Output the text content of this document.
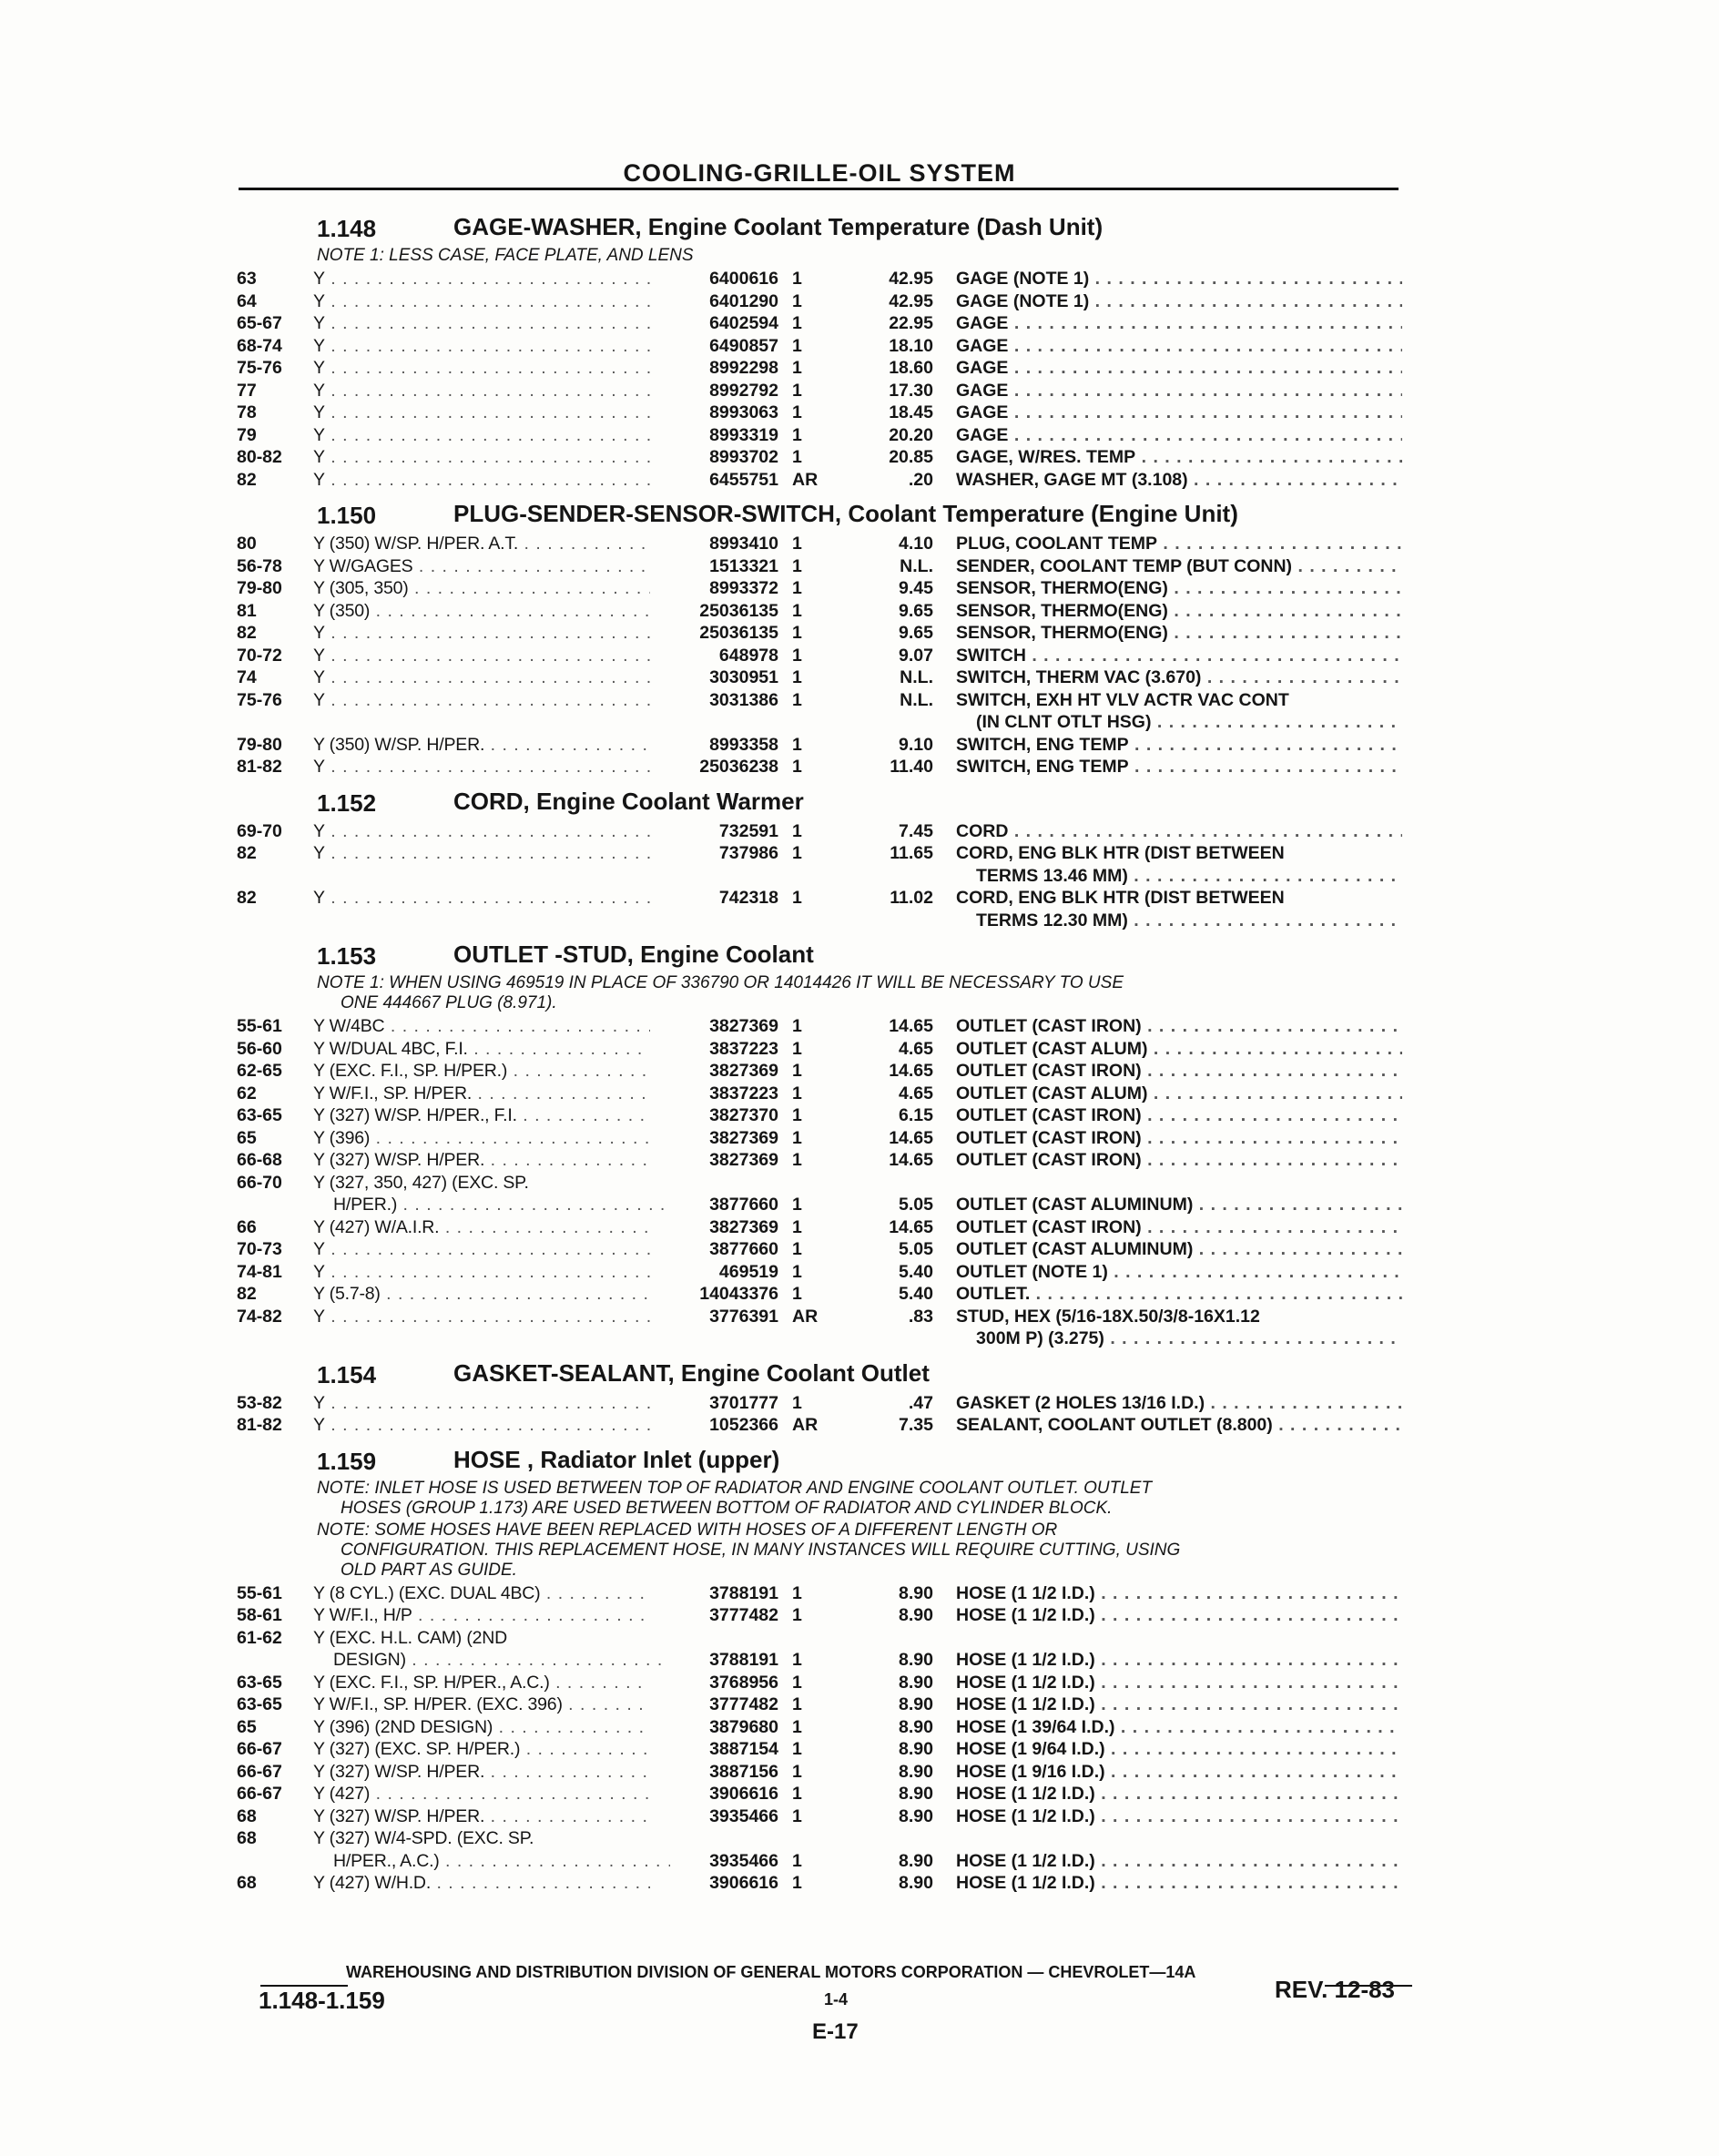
COOLING-GRILLE-OIL SYSTEM
1.148	GAGE-WASHER, Engine Coolant Temperature (Dash Unit)
NOTE 1: LESS CASE, FACE PLATE, AND LENS
63	Y . . .	6400616 1	42.95 GAGE (NOTE 1) . . .
64	Y . . .	6401290 1	42.95 GAGE (NOTE 1) . . .
65-67 Y . . .	6402594 1	22.95 GAGE . . .
68-74 Y . . .	6490857 1	18.10 GAGE . . .
75-76 Y . . .	8992298 1	18.60 GAGE . . .
77	Y . . .	8992792 1	17.30 GAGE . . .
78	Y . . .	8993063 1	18.45 GAGE . . .
79	Y . . .	8993319 1	20.20 GAGE . . .
80-82 Y . . .	8993702 1	20.85 GAGE, W/RES. TEMP . . .
82	Y . . .	6455751 AR	.20 WASHER, GAGE MT (3.108) . . .
1.150	PLUG-SENDER-SENSOR-SWITCH, Coolant Temperature (Engine Unit)
80	Y (350) W/SP. H/PER. A.T. . . .	8993410 1	4.10 PLUG, COOLANT TEMP . . .
56-78 Y W/GAGES . . .	1513321 1	N.L. SENDER, COOLANT TEMP (BUT CONN) . . .
79-80 Y (305, 350) . . .	8993372 1	9.45 SENSOR, THERMO(ENG) . . .
81	Y (350) . . .	25036135 1	9.65 SENSOR, THERMO(ENG) . . .
82	Y . . .	25036135 1	9.65 SENSOR, THERMO(ENG) . . .
70-72 Y . . .	648978 1	9.07 SWITCH . . .
74	Y . . .	3030951 1	N.L. SWITCH, THERM VAC (3.670) . . .
75-76 Y . . .	3031386 1	N.L. SWITCH, EXH HT VLV ACTR VAC CONT
(IN CLNT OTLT HSG) . . .
79-80 Y (350) W/SP. H/PER. . . .	8993358 1	9.10 SWITCH, ENG TEMP . . .
81-82 Y . . .	25036238 1	11.40 SWITCH, ENG TEMP . . .
1.152	CORD, Engine Coolant Warmer
69-70 Y . . .	732591 1	7.45 CORD . . .
82	Y . . .	737986 1	11.65 CORD, ENG BLK HTR (DIST BETWEEN
TERMS 13.46 MM) . . .
82	Y . . .	742318 1	11.02 CORD, ENG BLK HTR (DIST BETWEEN
TERMS 12.30 MM) . . .
1.153	OUTLET -STUD, Engine Coolant
NOTE 1: WHEN USING 469519 IN PLACE OF 336790 OR 14014426 IT WILL BE NECESSARY TO USE
ONE 444667 PLUG (8.971).
55-61 Y W/4BC . . .	3827369 1	14.65 OUTLET (CAST IRON) . . .
56-60 Y W/DUAL 4BC, F.I. . . .	3837223 1	4.65 OUTLET (CAST ALUM) . . .
62-65 Y (EXC. F.I., SP. H/PER.) . . .	3827369 1	14.65 OUTLET (CAST IRON) . . .
62	Y W/F.I., SP. H/PER. . . .	3837223 1	4.65 OUTLET (CAST ALUM) . . .
63-65 Y (327) W/SP. H/PER., F.I. . . .	3827370 1	6.15 OUTLET (CAST IRON) . . .
65	Y (396) . . .	3827369 1	14.65 OUTLET (CAST IRON) . . .
66-68 Y (327) W/SP. H/PER. . . .	3827369 1	14.65 OUTLET (CAST IRON) . . .
66-70 Y (327, 350, 427) (EXC. SP.
H/PER.) . . .	3877660 1	5.05 OUTLET (CAST ALUMINUM) . . .
66	Y (427) W/A.I.R. . . .	3827369 1	14.65 OUTLET (CAST IRON) . . .
70-73 Y . . .	3877660 1	5.05 OUTLET (CAST ALUMINUM) . . .
74-81 Y . . .	469519 1	5.40 OUTLET (NOTE 1) . . .
82	Y (5.7-8) . . .	14043376 1	5.40 OUTLET. . . .
74-82 Y . . .	3776391 AR	.83 STUD, HEX (5/16-18X.50/3/8-16X1.12
300M P) (3.275) . . .
1.154	GASKET-SEALANT, Engine Coolant Outlet
53-82 Y . . .	3701777 1	.47 GASKET (2 HOLES 13/16 I.D.) . . .
81-82 Y . . .	1052366 AR	7.35 SEALANT, COOLANT OUTLET (8.800) . . .
1.159	HOSE , Radiator Inlet (upper)
NOTE: INLET HOSE IS USED BETWEEN TOP OF RADIATOR AND ENGINE COOLANT OUTLET. OUTLET
HOSES (GROUP 1.173) ARE USED BETWEEN BOTTOM OF RADIATOR AND CYLINDER BLOCK.
NOTE: SOME HOSES HAVE BEEN REPLACED WITH HOSES OF A DIFFERENT LENGTH OR
CONFIGURATION. THIS REPLACEMENT HOSE, IN MANY INSTANCES WILL REQUIRE CUTTING, USING
OLD PART AS GUIDE.
55-61 Y (8 CYL.) (EXC. DUAL 4BC) . . .	3788191 1	8.90 HOSE (1 1/2 I.D.) . . .
58-61 Y W/F.I., H/P . . .	3777482 1	8.90 HOSE (1 1/2 I.D.) . . .
61-62 Y (EXC. H.L. CAM) (2ND
DESIGN) . . .	3788191 1	8.90 HOSE (1 1/2 I.D.) . . .
63-65 Y (EXC. F.I., SP. H/PER., A.C.) . . .	3768956 1	8.90 HOSE (1 1/2 I.D.) . . .
63-65 Y W/F.I., SP. H/PER. (EXC. 396) . . .	3777482 1	8.90 HOSE (1 1/2 I.D.) . . .
65	Y (396) (2ND DESIGN) . . .	3879680 1	8.90 HOSE (1 39/64 I.D.) . . .
66-67 Y (327) (EXC. SP. H/PER.) . . .	3887154 1	8.90 HOSE (1 9/64 I.D.) . . .
66-67 Y (327) W/SP. H/PER. . . .	3887156 1	8.90 HOSE (1 9/16 I.D.) . . .
66-67 Y (427) . . .	3906616 1	8.90 HOSE (1 1/2 I.D.) . . .
68	Y (327) W/SP. H/PER. . . .	3935466 1	8.90 HOSE (1 1/2 I.D.) . . .
68	Y (327) W/4-SPD. (EXC. SP.
H/PER., A.C.) . . .	3935466 1	8.90 HOSE (1 1/2 I.D.) . . .
68	Y (427) W/H.D. . . .	3906616 1	8.90 HOSE (1 1/2 I.D.) . . .
WAREHOUSING AND DISTRIBUTION DIVISION OF GENERAL MOTORS CORPORATION — CHEVROLET—14A
1.148-1.159	1-4	REV. 12-83
E-17
